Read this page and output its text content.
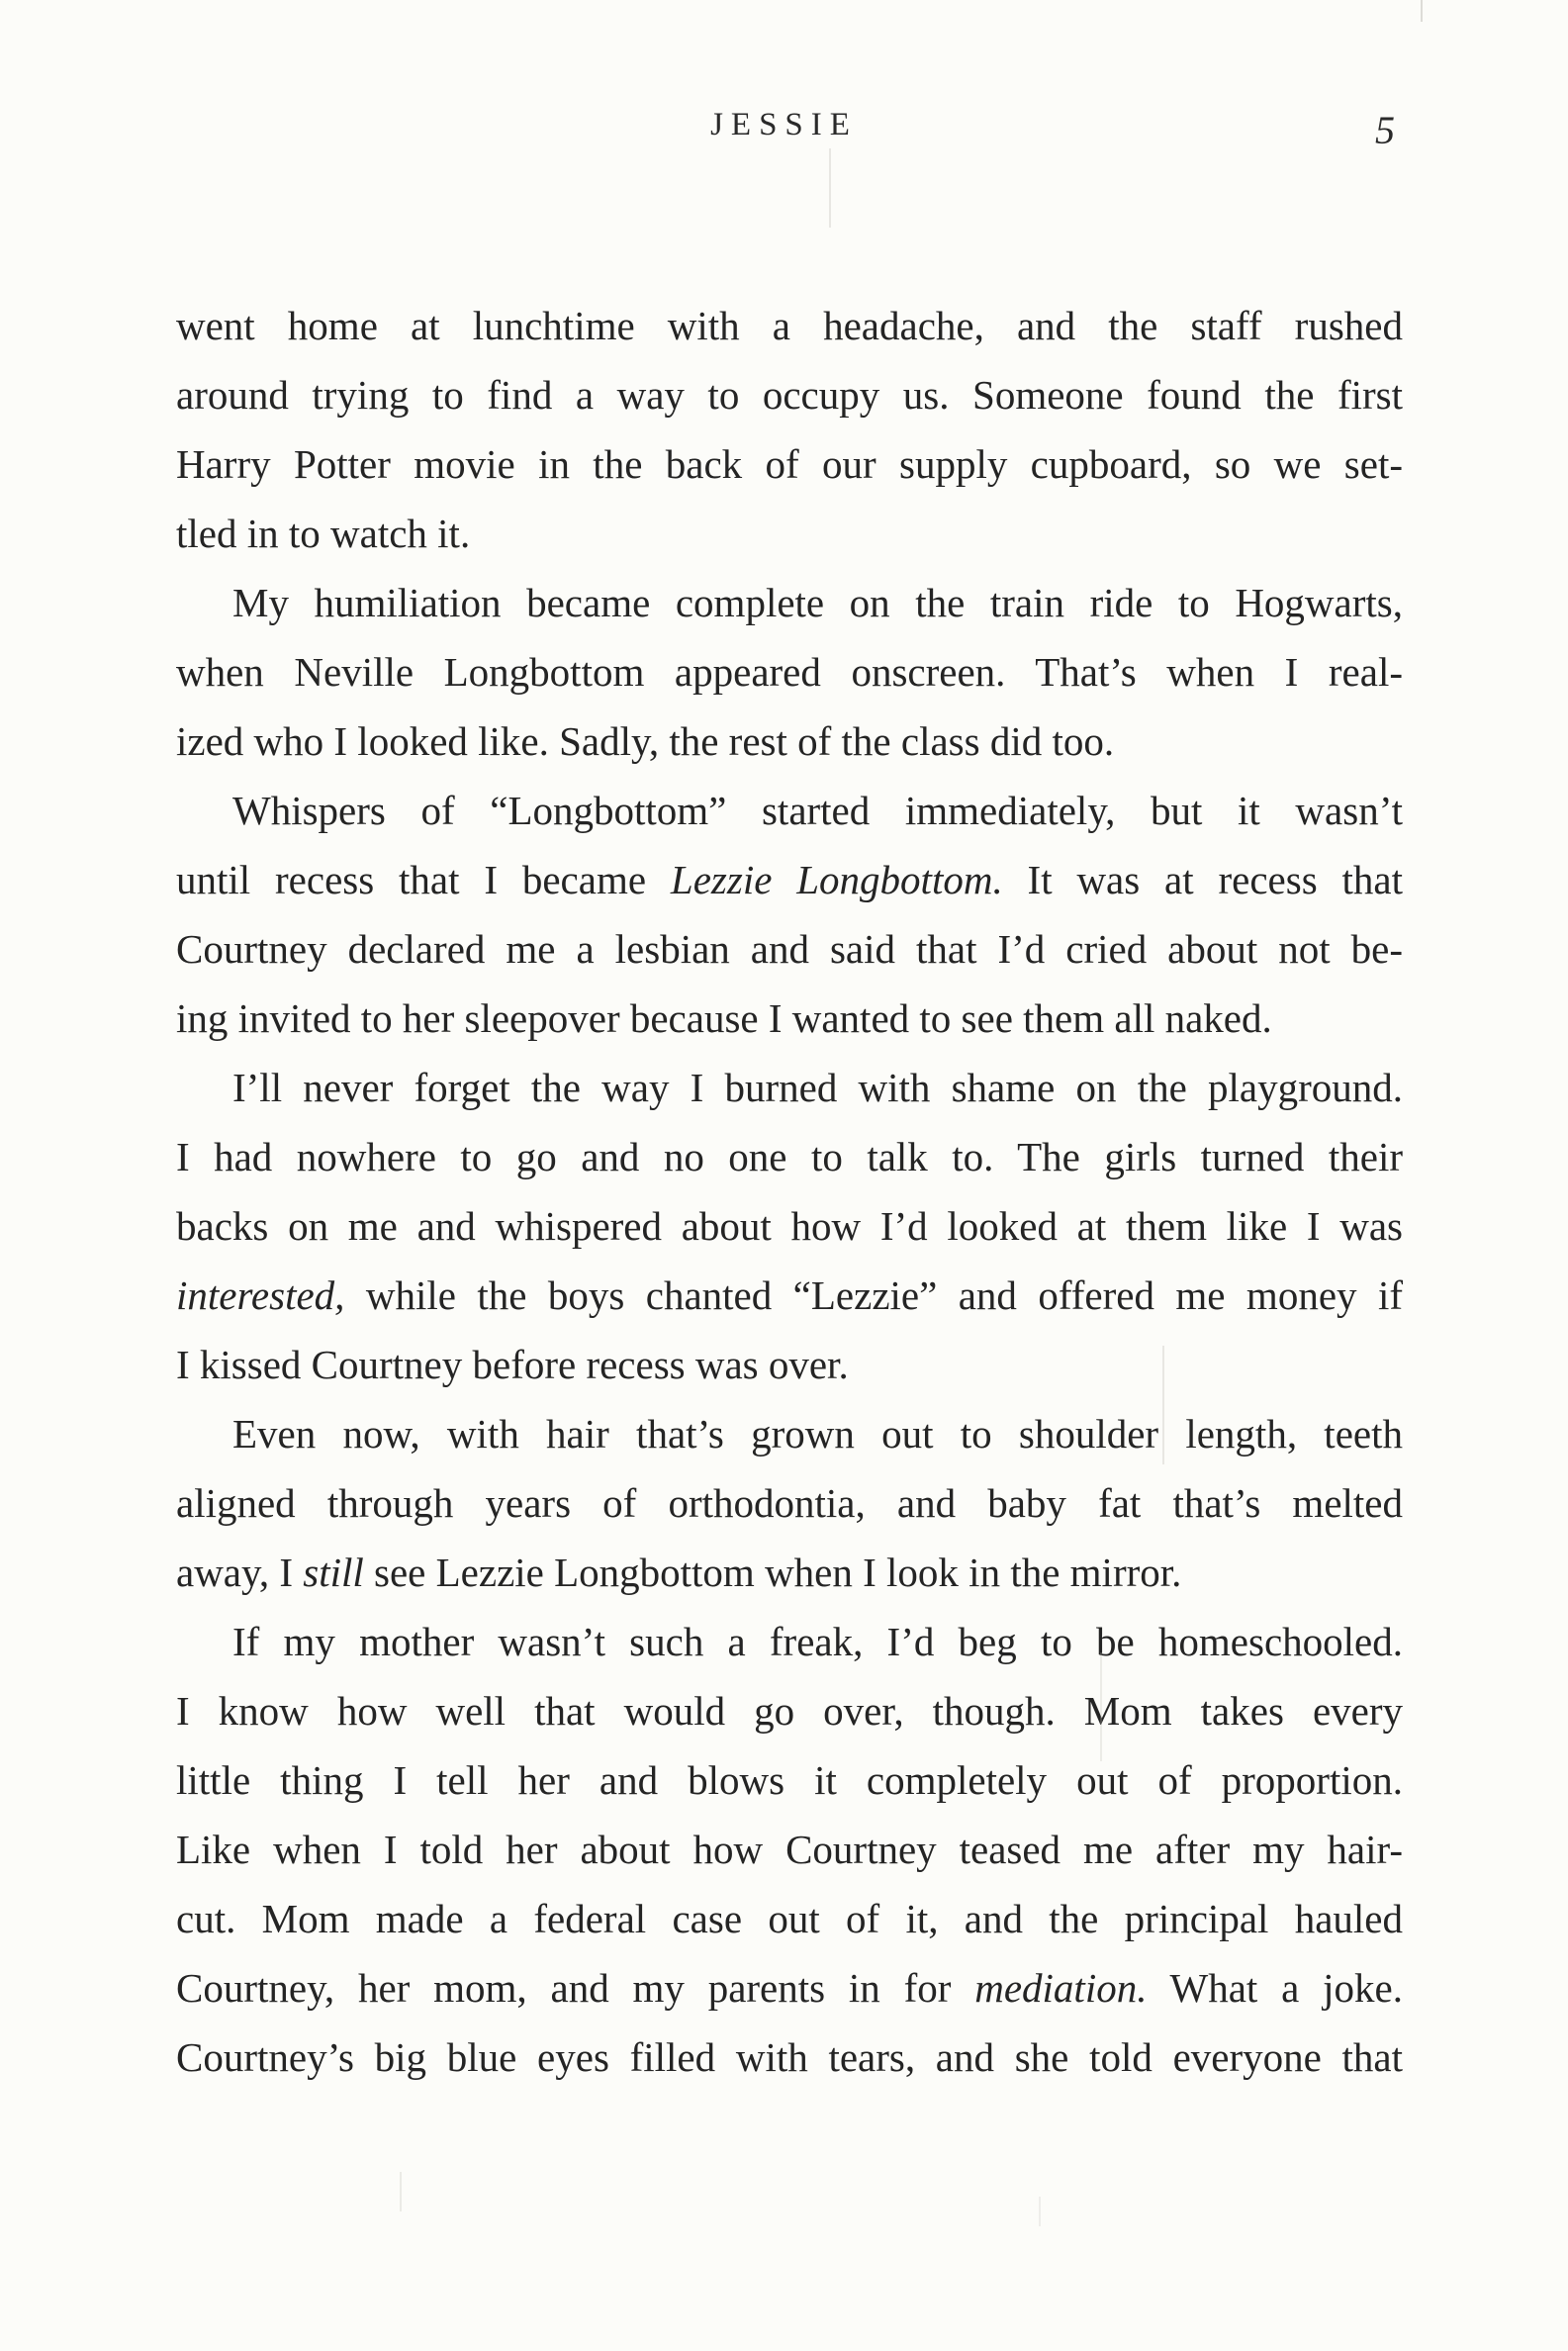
JESSIE	5
went home at lunchtime with a headache, and the staff rushed
around trying to find a way to occupy us. Someone found the first
Harry Potter movie in the back of our supply cupboard, so we set-
tled in to watch it.
My humiliation became complete on the train ride to Hogwarts,
when Neville Longbottom appeared onscreen. That’s when I real-
ized who I looked like. Sadly, the rest of the class did too.
Whispers of “Longbottom” started immediately, but it wasn’t
until recess that I became Lezzie Longbottom. It was at recess that
Courtney declared me a lesbian and said that I’d cried about not be-
ing invited to her sleepover because I wanted to see them all naked.
I’ll never forget the way I burned with shame on the playground.
I had nowhere to go and no one to talk to. The girls turned their
backs on me and whispered about how I’d looked at them like I was
interested, while the boys chanted “Lezzie” and offered me money if
I kissed Courtney before recess was over.
Even now, with hair that’s grown out to shoulder length, teeth
aligned through years of orthodontia, and baby fat that’s melted
away, I still see Lezzie Longbottom when I look in the mirror.
If my mother wasn’t such a freak, I’d beg to be homeschooled.
I know how well that would go over, though. Mom takes every
little thing I tell her and blows it completely out of proportion.
Like when I told her about how Courtney teased me after my hair-
cut. Mom made a federal case out of it, and the principal hauled
Courtney, her mom, and my parents in for mediation. What a joke.
Courtney’s big blue eyes filled with tears, and she told everyone that
